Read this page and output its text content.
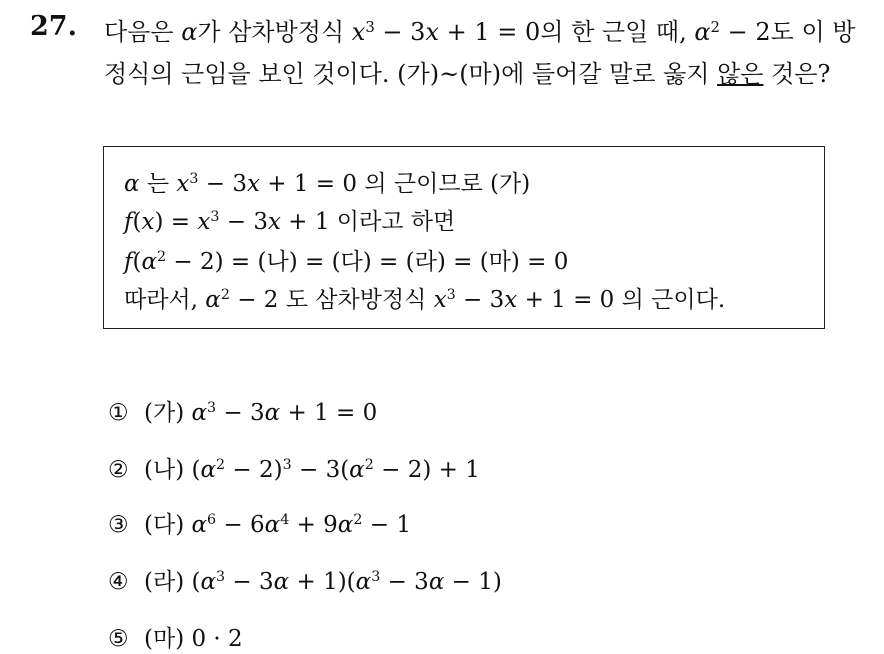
27. 다음은 α가 삼차방정식 $x^3 - 3x + 1 = 0$의 한 근일 때, $\alpha^2 - 2$도 이 방
정식의 근임을 보인 것이다. (가)~(마)에 들어갈 말로 옳지 않은 것은?
α 는 $x^3 - 3x + 1 = 0$ 의 근이므로 (가)
$f(x) = x^3 - 3x + 1$ 이라고 하면
$f(\alpha^2 - 2)$ = (나) = (다) = (라) = (마) = 0
따라서, $\alpha^2 - 2$ 도 삼차방정식 $x^3 - 3x + 1 = 0$ 의 근이다.
① (가) $\alpha^3 - 3\alpha + 1 = 0$
② (나) $(\alpha^2 - 2)^3 - 3(\alpha^2 - 2) + 1$
③ (다) $\alpha^6 - 6\alpha^4 + 9\alpha^2 - 1$
④ (라) $(\alpha^3 - 3\alpha + 1)(\alpha^3 - 3\alpha - 1)$
⑤ (마) 0 · 2
